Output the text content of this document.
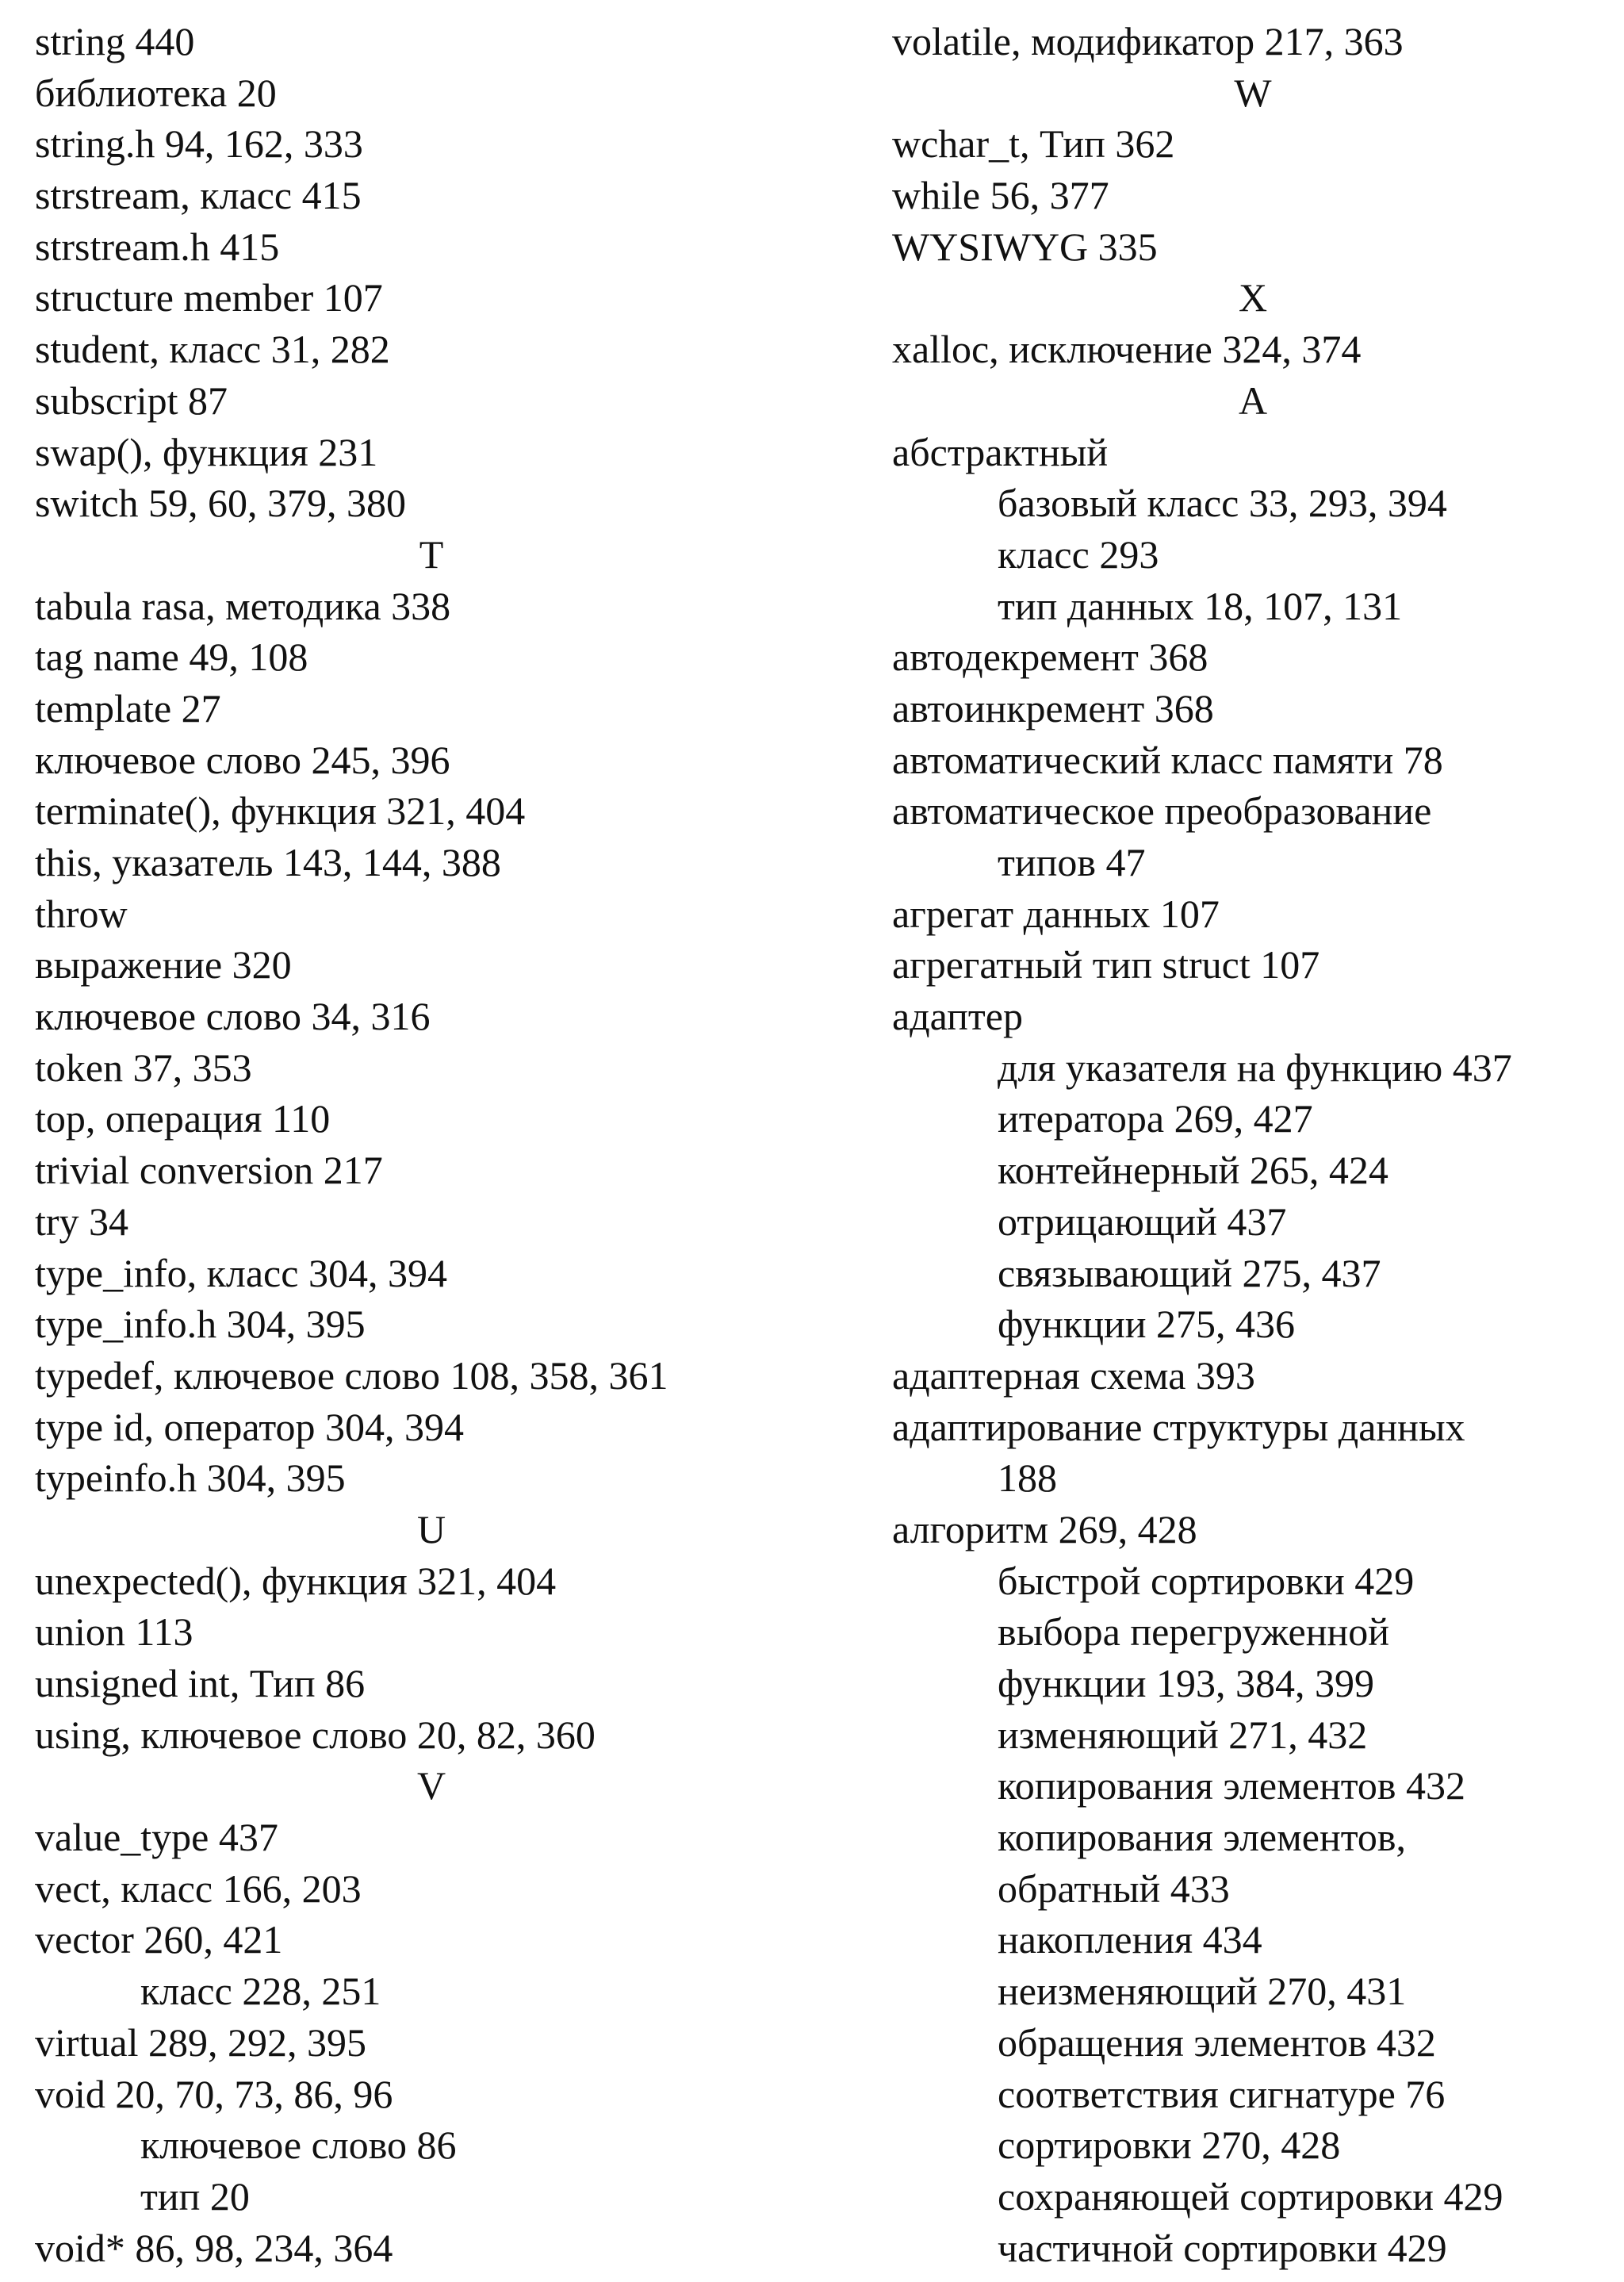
string 440
библиотека 20
string.h 94, 162, 333
strstream, класс 415
strstream.h 415
structure member 107
student, класс 31, 282
subscript 87
swap(), функция 231
switch 59, 60, 379, 380
T
tabula rasa, методика 338
tag name 49, 108
template 27
ключевое слово 245, 396
terminate(), функция 321, 404
this, указатель 143, 144, 388
throw
выражение 320
ключевое слово 34, 316
token 37, 353
top, операция 110
trivial conversion 217
try 34
type_info, класс 304, 394
type_info.h 304, 395
typedef, ключевое слово 108, 358, 361
type id, оператор 304, 394
typeinfo.h 304, 395
U
unexpected(), функция 321, 404
union 113
unsigned int, Тип 86
using, ключевое слово 20, 82, 360
V
value_type 437
vect, класс 166, 203
vector 260, 421
класс 228, 251
virtual 289, 292, 395
void 20, 70, 73, 86, 96
ключевое слово 86
тип 20
void* 86, 98, 234, 364
volatile, модификатор 217, 363
W
wchar_t, Тип 362
while 56, 377
WYSIWYG 335
X
xalloc, исключение 324, 374
А
абстрактный
базовый класс 33, 293, 394
класс 293
тип данных 18, 107, 131
автодекремент 368
автоинкремент 368
автоматический класс памяти 78
автоматическое преобразование
типов 47
агрегат данных 107
агрегатный тип struct 107
адаптер
для указателя на функцию 437
итератора 269, 427
контейнерный 265, 424
отрицающий 437
связывающий 275, 437
функции 275, 436
адаптерная схема 393
адаптирование структуры данных
188
алгоритм 269, 428
быстрой сортировки 429
выбора перегруженной
функции 193, 384, 399
изменяющий 271, 432
копирования элементов 432
копирования элементов,
обратный 433
накопления 434
неизменяющий 270, 431
обращения элементов 432
соответствия сигнатуре 76
сортировки 270, 428
сохраняющей сортировки 429
частичной сортировки 429
